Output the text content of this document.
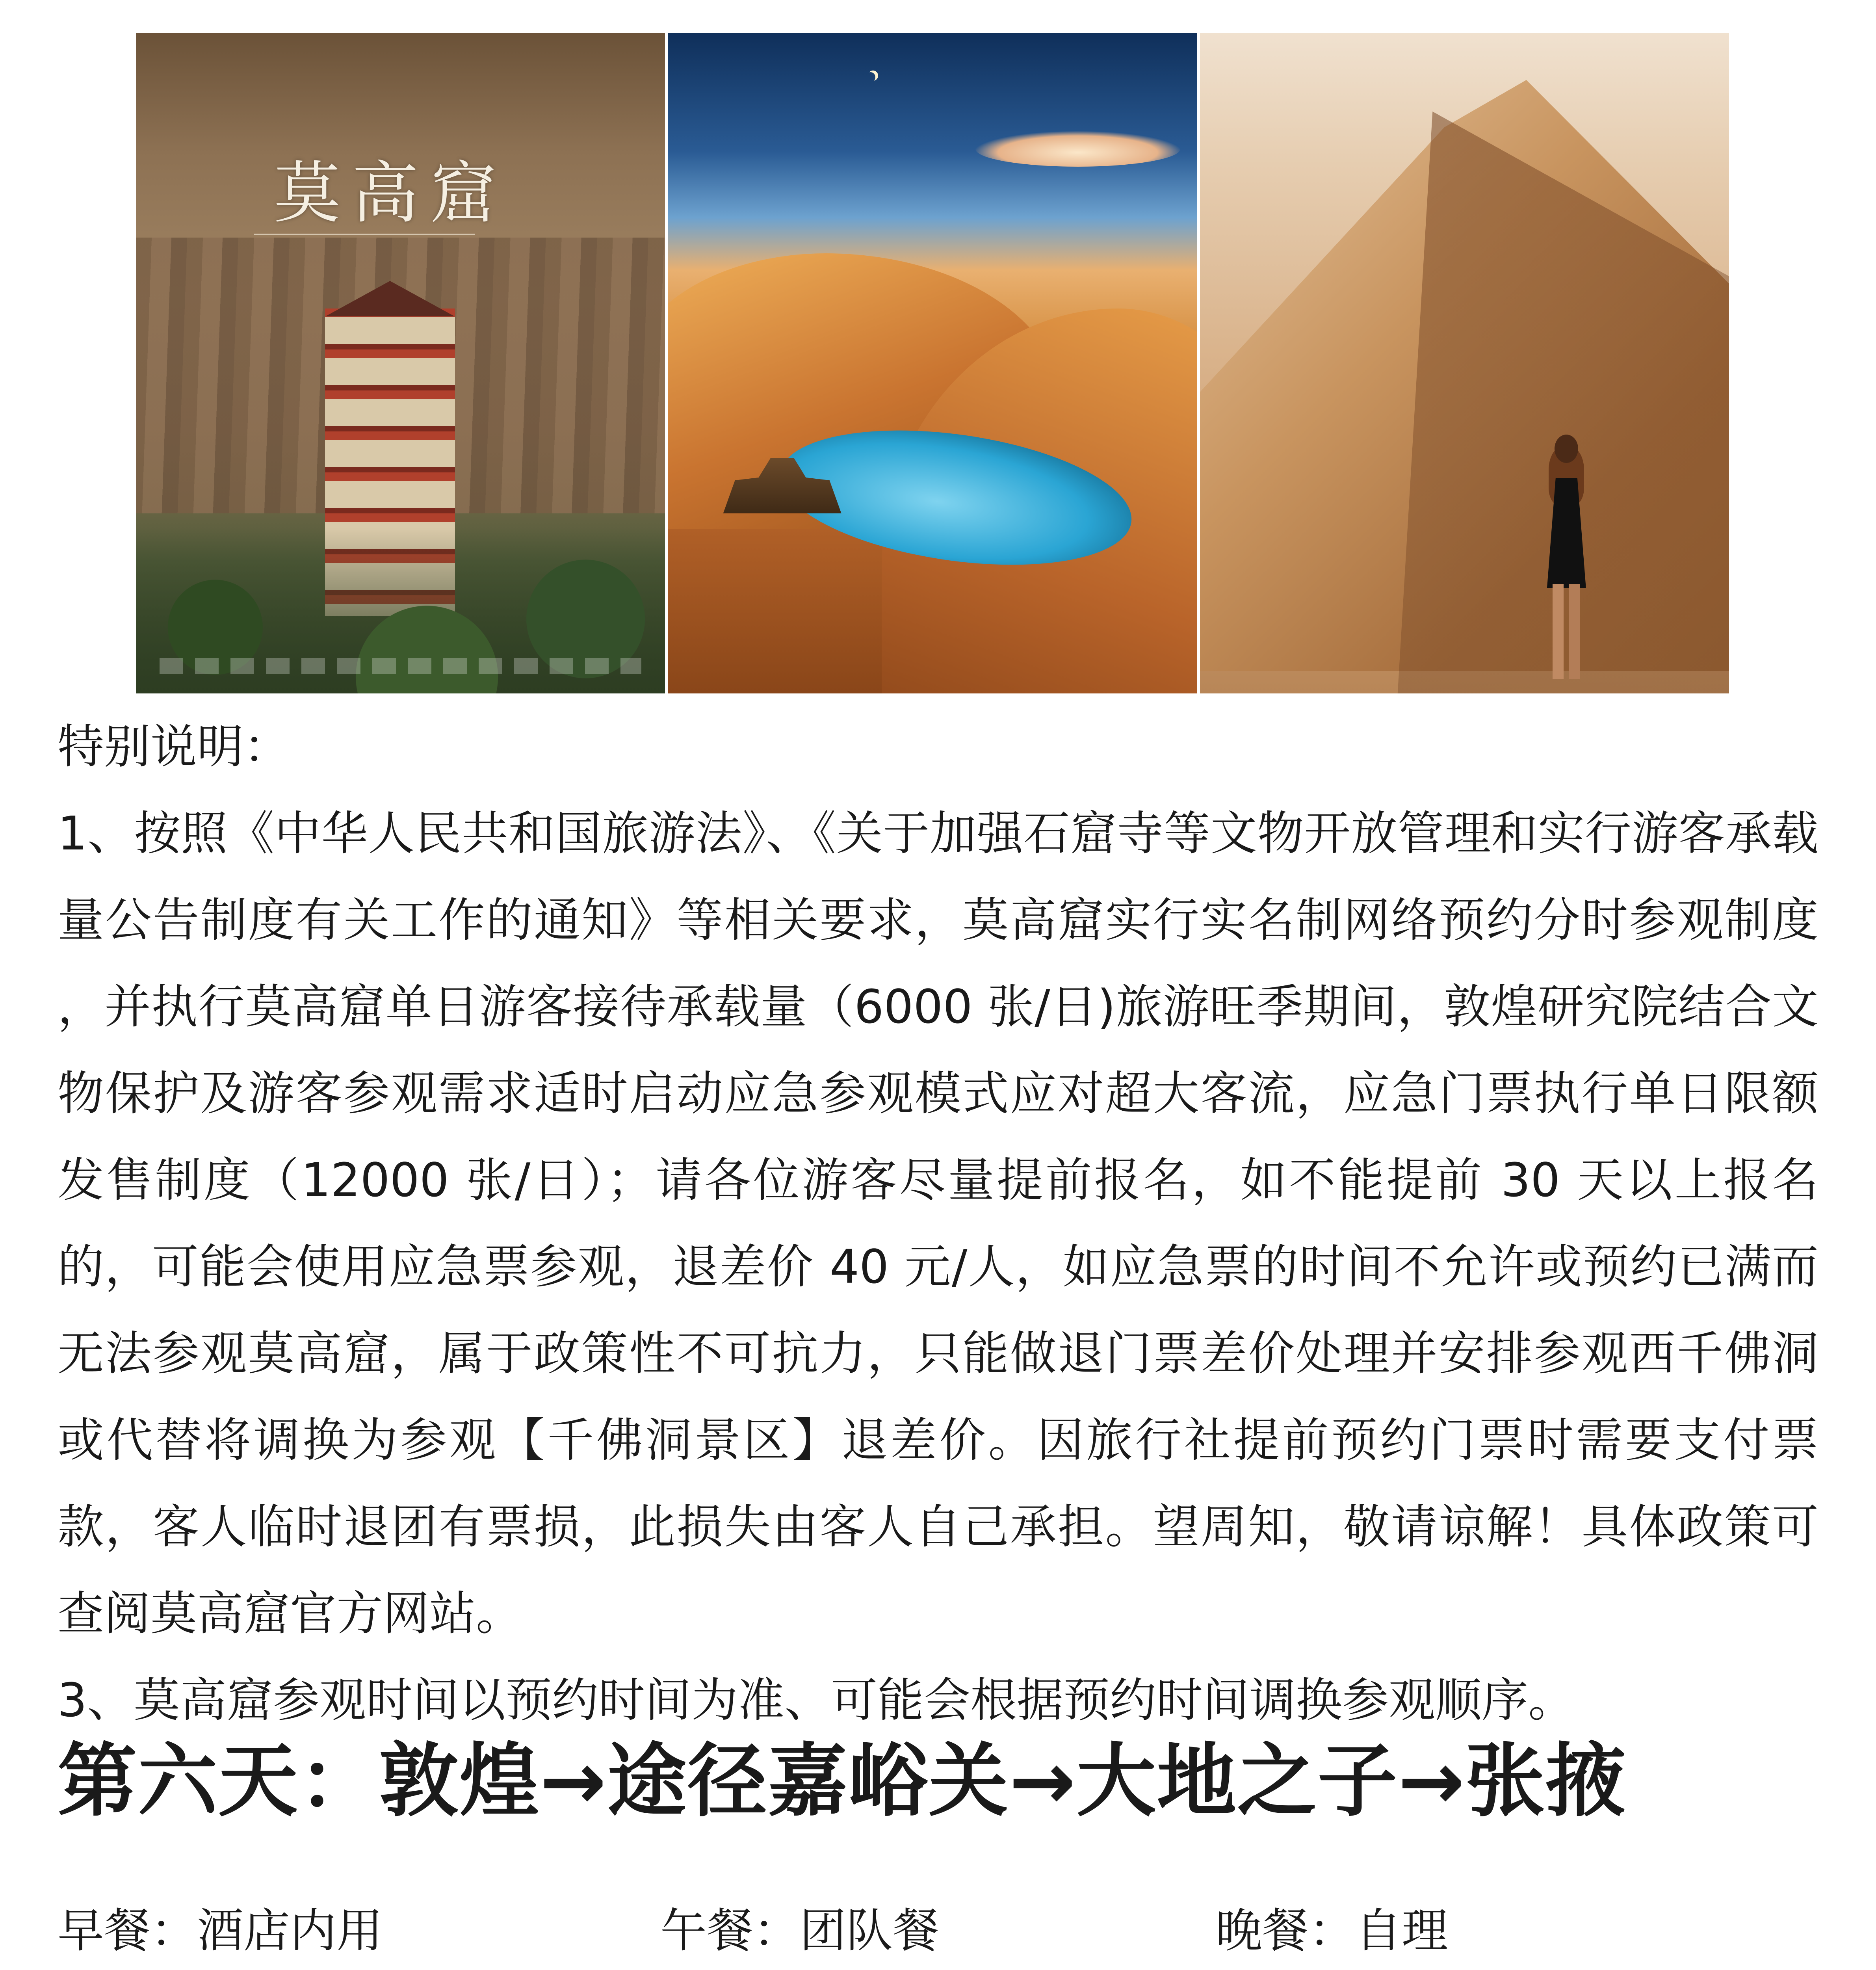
莫高窟

特别说明：

1、按照《中华人民共和国旅游法》、《关于加强石窟寺等文物开放管理和实行游客承载量公告制度有关工作的通知》等相关要求，莫高窟实行实名制网络预约分时参观制度 ，并执行莫高窟单日游客接待承载量（6000 张/日)旅游旺季期间，敦煌研究院结合文物保护及游客参观需求适时启动应急参观模式应对超大客流，应急门票执行单日限额发售制度（12000 张/日）；请各位游客尽量提前报名，如不能提前 30 天以上报名的，可能会使用应急票参观，退差价 40 元/人，如应急票的时间不允许或预约已满而无法参观莫高窟，属于政策性不可抗力，只能做退门票差价处理并安排参观西千佛洞或代替将调换为参观【千佛洞景区】退差价。因旅行社提前预约门票时需要支付票款，客人临时退团有票损，此损失由客人自己承担。望周知，敬请谅解！具体政策可查阅莫高窟官方网站。

3、莫高窟参观时间以预约时间为准、可能会根据预约时间调换参观顺序。

第六天：敦煌→途径嘉峪关→大地之子→张掖
早餐：酒店内用	午餐：团队餐	晚餐：自理
